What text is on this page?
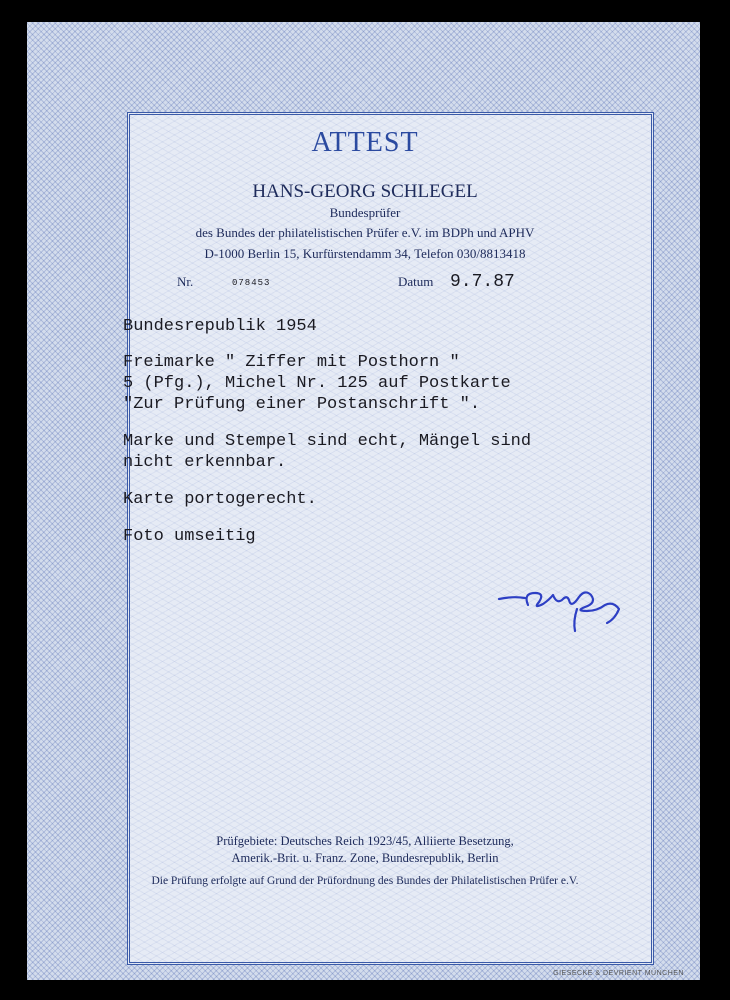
ATTEST
HANS-GEORG SCHLEGEL
Bundesprüfer
des Bundes der philatelistischen Prüfer e.V. im BDPh und APHV
D-1000 Berlin 15, Kurfürstendamm 34, Telefon 030/8813418
Nr.	078453	Datum 9.7.87
Bundesrepublik 1954
Freimarke " Ziffer mit Posthorn "
5 (Pfg.), Michel Nr. 125 auf Postkarte
"Zur Prüfung einer Postanschrift ".
Marke und Stempel sind echt, Mängel sind
nicht erkennbar.
Karte portogerecht.
Foto umseitig
Prüfgebiete: Deutsches Reich 1923/45, Alliierte Besetzung,
Amerik.-Brit. u. Franz. Zone, Bundesrepublik, Berlin
Die Prüfung erfolgte auf Grund der Prüfordnung des Bundes der Philatelistischen Prüfer e.V.
GIESECKE & DEVRIENT MÜNCHEN
